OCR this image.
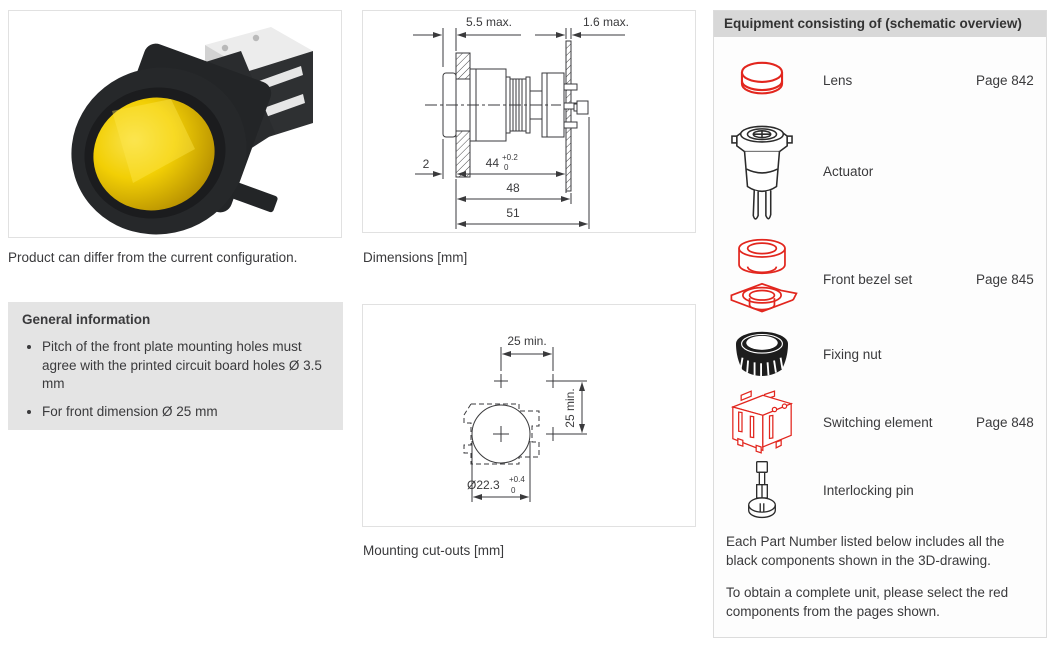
Product can differ from the current configuration.
General information
• Pitch of the front plate mounting holes must agree with the printed circuit board holes Ø 3.5 mm
• For front dimension Ø 25 mm
5.5 max.	1.6 max.
2	44 +0.2
0
48
51
Dimensions [mm]
25 min.
25 min.
Ø22.3 +0.4
0
Mounting cut-outs [mm]
Equipment consisting of (schematic overview)
Lens	Page 842
Actuator
Front bezel set	Page 845
Fixing nut
Switching element	Page 848
Interlocking pin

Each Part Number listed below includes all the black components shown in the 3D-drawing.

To obtain a complete unit, please select the red components from the pages shown.
